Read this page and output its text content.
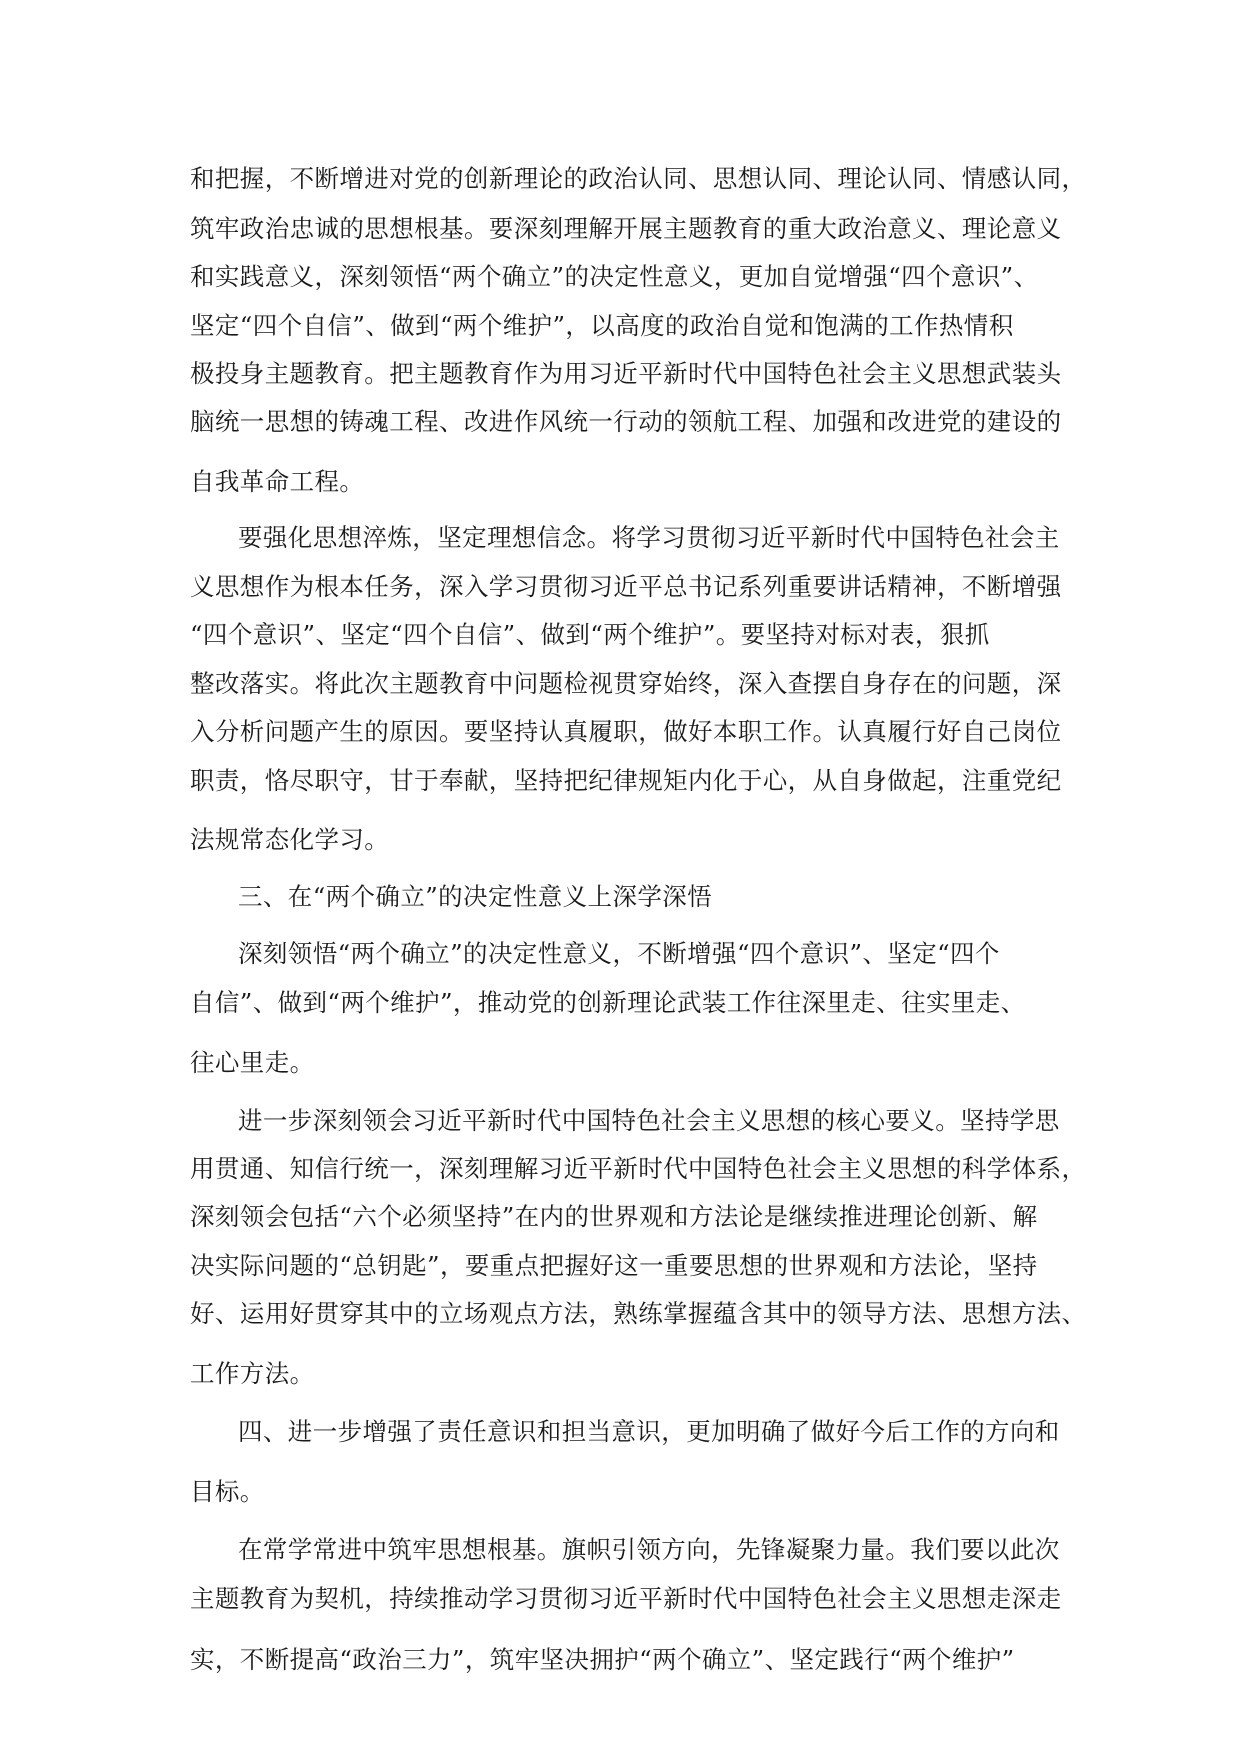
和把握，不断增进对党的创新理论的政治认同、思想认同、理论认同、情感认同，
筑牢政治忠诚的思想根基。要深刻理解开展主题教育的重大政治意义、理论意义
和实践意义，深刻领悟“两个确立”的决定性意义，更加自觉增强“四个意识”、
坚定“四个自信”、做到“两个维护”，以高度的政治自觉和饱满的工作热情积
极投身主题教育。把主题教育作为用习近平新时代中国特色社会主义思想武装头
脑统一思想的铸魂工程、改进作风统一行动的领航工程、加强和改进党的建设的
自我革命工程。
要强化思想淬炼，坚定理想信念。将学习贯彻习近平新时代中国特色社会主
义思想作为根本任务，深入学习贯彻习近平总书记系列重要讲话精神，不断增强
“四个意识”、坚定“四个自信”、做到“两个维护”。要坚持对标对表，狠抓
整改落实。将此次主题教育中问题检视贯穿始终，深入查摆自身存在的问题，深
入分析问题产生的原因。要坚持认真履职，做好本职工作。认真履行好自己岗位
职责，恪尽职守，甘于奉献，坚持把纪律规矩内化于心，从自身做起，注重党纪
法规常态化学习。
三、在“两个确立”的决定性意义上深学深悟
深刻领悟“两个确立”的决定性意义，不断增强“四个意识”、坚定“四个
自信”、做到“两个维护”，推动党的创新理论武装工作往深里走、往实里走、
往心里走。
进一步深刻领会习近平新时代中国特色社会主义思想的核心要义。坚持学思
用贯通、知信行统一，深刻理解习近平新时代中国特色社会主义思想的科学体系，
深刻领会包括“六个必须坚持”在内的世界观和方法论是继续推进理论创新、解
决实际问题的“总钥匙”，要重点把握好这一重要思想的世界观和方法论，坚持
好、运用好贯穿其中的立场观点方法，熟练掌握蕴含其中的领导方法、思想方法、
工作方法。
四、进一步增强了责任意识和担当意识，更加明确了做好今后工作的方向和
目标。
在常学常进中筑牢思想根基。旗帜引领方向，先锋凝聚力量。我们要以此次
主题教育为契机，持续推动学习贯彻习近平新时代中国特色社会主义思想走深走
实，不断提高“政治三力”，筑牢坚决拥护“两个确立”、坚定践行“两个维护”
